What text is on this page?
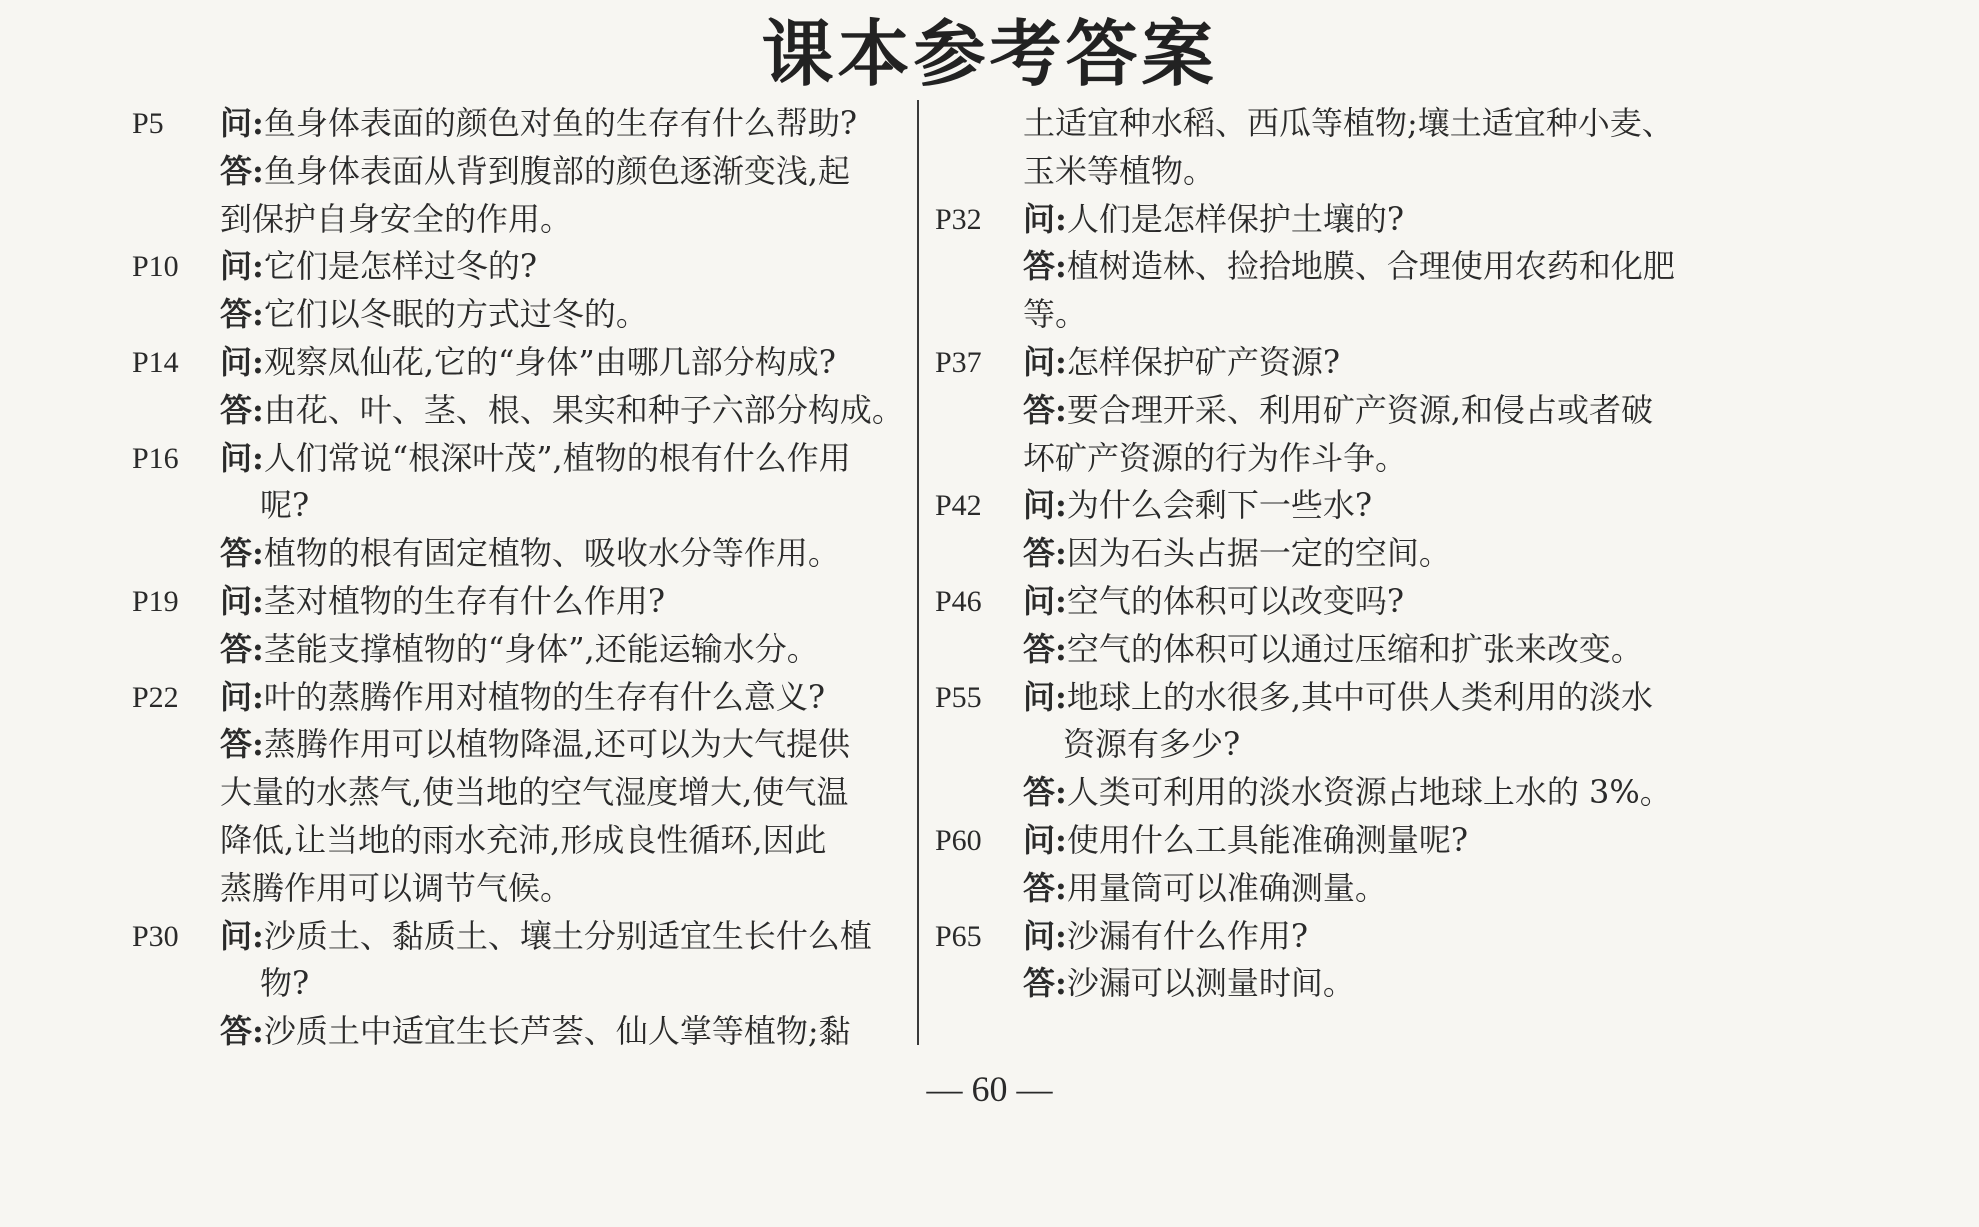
课本参考答案
P5 问:鱼身体表面的颜色对鱼的生存有什么帮助?
答:鱼身体表面从背到腹部的颜色逐渐变浅,起
到保护自身安全的作用。
P10 问:它们是怎样过冬的?
答:它们以冬眠的方式过冬的。
P14 问:观察凤仙花,它的“身体”由哪几部分构成?
答:由花、叶、茎、根、果实和种子六部分构成。
P16 问:人们常说“根深叶茂”,植物的根有什么作用
呢?
答:植物的根有固定植物、吸收水分等作用。
P19 问:茎对植物的生存有什么作用?
答:茎能支撑植物的“身体”,还能运输水分。
P22 问:叶的蒸腾作用对植物的生存有什么意义?
答:蒸腾作用可以植物降温,还可以为大气提供
大量的水蒸气,使当地的空气湿度增大,使气温
降低,让当地的雨水充沛,形成良性循环,因此
蒸腾作用可以调节气候。
P30 问:沙质土、黏质土、壤土分别适宜生长什么植
物?
答:沙质土中适宜生长芦荟、仙人掌等植物;黏
土适宜种水稻、西瓜等植物;壤土适宜种小麦、
玉米等植物。
P32 问:人们是怎样保护土壤的?
答:植树造林、捡拾地膜、合理使用农药和化肥
等。
P37 问:怎样保护矿产资源?
答:要合理开采、利用矿产资源,和侵占或者破
坏矿产资源的行为作斗争。
P42 问:为什么会剩下一些水?
答:因为石头占据一定的空间。
P46 问:空气的体积可以改变吗?
答:空气的体积可以通过压缩和扩张来改变。
P55 问:地球上的水很多,其中可供人类利用的淡水
资源有多少?
答:人类可利用的淡水资源占地球上水的 3%。
P60 问:使用什么工具能准确测量呢?
答:用量筒可以准确测量。
P65 问:沙漏有什么作用?
答:沙漏可以测量时间。
— 60 —
